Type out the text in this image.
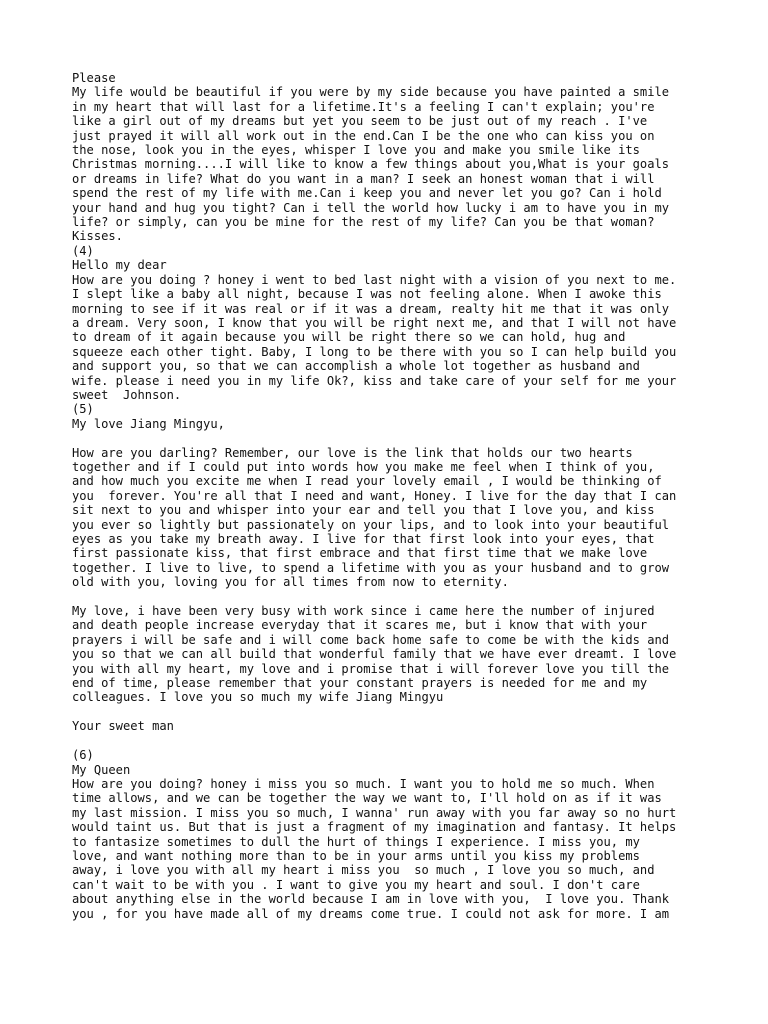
Please
My life would be beautiful if you were by my side because you have painted a smile
in my heart that will last for a lifetime.It's a feeling I can't explain; you're
like a girl out of my dreams but yet you seem to be just out of my reach . I've
just prayed it will all work out in the end.Can I be the one who can kiss you on
the nose, look you in the eyes, whisper I love you and make you smile like its
Christmas morning....I will like to know a few things about you,What is your goals
or dreams in life? What do you want in a man? I seek an honest woman that i will
spend the rest of my life with me.Can i keep you and never let you go? Can i hold
your hand and hug you tight? Can i tell the world how lucky i am to have you in my
life? or simply, can you be mine for the rest of my life? Can you be that woman?
Kisses.
(4)
Hello my dear
How are you doing ? honey i went to bed last night with a vision of you next to me.
I slept like a baby all night, because I was not feeling alone. When I awoke this
morning to see if it was real or if it was a dream, realty hit me that it was only
a dream. Very soon, I know that you will be right next me, and that I will not have
to dream of it again because you will be right there so we can hold, hug and
squeeze each other tight. Baby, I long to be there with you so I can help build you
and support you, so that we can accomplish a whole lot together as husband and
wife. please i need you in my life Ok?, kiss and take care of your self for me your
sweet  Johnson.
(5)
My love Jiang Mingyu,

How are you darling? Remember, our love is the link that holds our two hearts
together and if I could put into words how you make me feel when I think of you,
and how much you excite me when I read your lovely email , I would be thinking of
you  forever. You're all that I need and want, Honey. I live for the day that I can
sit next to you and whisper into your ear and tell you that I love you, and kiss
you ever so lightly but passionately on your lips, and to look into your beautiful
eyes as you take my breath away. I live for that first look into your eyes, that
first passionate kiss, that first embrace and that first time that we make love
together. I live to live, to spend a lifetime with you as your husband and to grow
old with you, loving you for all times from now to eternity.

My love, i have been very busy with work since i came here the number of injured
and death people increase everyday that it scares me, but i know that with your
prayers i will be safe and i will come back home safe to come be with the kids and
you so that we can all build that wonderful family that we have ever dreamt. I love
you with all my heart, my love and i promise that i will forever love you till the
end of time, please remember that your constant prayers is needed for me and my
colleagues. I love you so much my wife Jiang Mingyu

Your sweet man

(6)
My Queen
How are you doing? honey i miss you so much. I want you to hold me so much. When
time allows, and we can be together the way we want to, I'll hold on as if it was
my last mission. I miss you so much, I wanna' run away with you far away so no hurt
would taint us. But that is just a fragment of my imagination and fantasy. It helps
to fantasize sometimes to dull the hurt of things I experience. I miss you, my
love, and want nothing more than to be in your arms until you kiss my problems
away, i love you with all my heart i miss you  so much , I love you so much, and
can't wait to be with you . I want to give you my heart and soul. I don't care
about anything else in the world because I am in love with you,  I love you. Thank
you , for you have made all of my dreams come true. I could not ask for more. I am
